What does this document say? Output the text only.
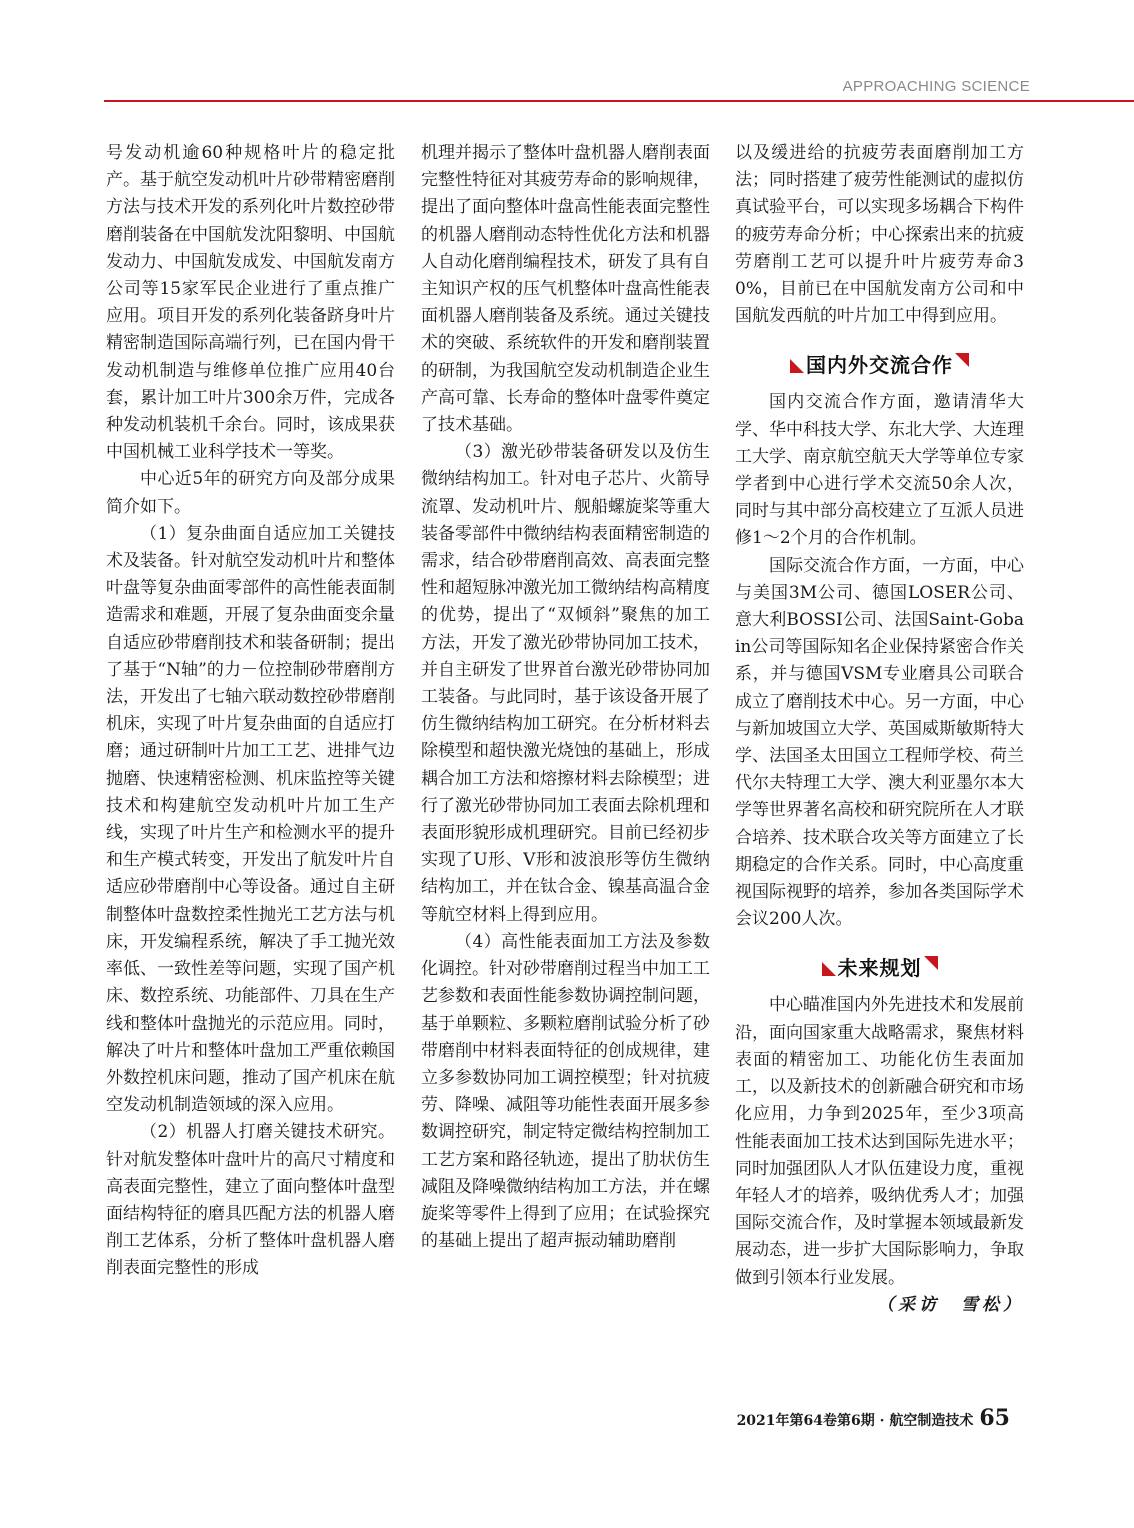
APPROACHING SCIENCE

号发动机逾60种规格叶片的稳定批产。基于航空发动机叶片砂带精密磨削方法与技术开发的系列化叶片数控砂带磨削装备在中国航发沈阳黎明、中国航发动力、中国航发成发、中国航发南方公司等15家军民企业进行了重点推广应用。项目开发的系列化装备跻身叶片精密制造国际高端行列，已在国内骨干发动机制造与维修单位推广应用40台套，累计加工叶片300余万件，完成各种发动机装机千余台。同时，该成果获中国机械工业科学技术一等奖。

中心近5年的研究方向及部分成果简介如下。

（1）复杂曲面自适应加工关键技术及装备。针对航空发动机叶片和整体叶盘等复杂曲面零部件的高性能表面制造需求和难题，开展了复杂曲面变余量自适应砂带磨削技术和装备研制；提出了基于“N轴”的力－位控制砂带磨削方法，开发出了七轴六联动数控砂带磨削机床，实现了叶片复杂曲面的自适应打磨；通过研制叶片加工工艺、进排气边抛磨、快速精密检测、机床监控等关键技术和构建航空发动机叶片加工生产线，实现了叶片生产和检测水平的提升和生产模式转变，开发出了航发叶片自适应砂带磨削中心等设备。通过自主研制整体叶盘数控柔性抛光工艺方法与机床，开发编程系统，解决了手工抛光效率低、一致性差等问题，实现了国产机床、数控系统、功能部件、刀具在生产线和整体叶盘抛光的示范应用。同时，解决了叶片和整体叶盘加工严重依赖国外数控机床问题，推动了国产机床在航空发动机制造领域的深入应用。

（2）机器人打磨关键技术研究。针对航发整体叶盘叶片的高尺寸精度和高表面完整性，建立了面向整体叶盘型面结构特征的磨具匹配方法的机器人磨削工艺体系，分析了整体叶盘机器人磨削表面完整性的形成

机理并揭示了整体叶盘机器人磨削表面完整性特征对其疲劳寿命的影响规律，提出了面向整体叶盘高性能表面完整性的机器人磨削动态特性优化方法和机器人自动化磨削编程技术，研发了具有自主知识产权的压气机整体叶盘高性能表面机器人磨削装备及系统。通过关键技术的突破、系统软件的开发和磨削装置的研制，为我国航空发动机制造企业生产高可靠、长寿命的整体叶盘零件奠定了技术基础。

（3）激光砂带装备研发以及仿生微纳结构加工。针对电子芯片、火箭导流罩、发动机叶片、舰船螺旋桨等重大装备零部件中微纳结构表面精密制造的需求，结合砂带磨削高效、高表面完整性和超短脉冲激光加工微纳结构高精度的优势，提出了“双倾斜”聚焦的加工方法，开发了激光砂带协同加工技术，并自主研发了世界首台激光砂带协同加工装备。与此同时，基于该设备开展了仿生微纳结构加工研究。在分析材料去除模型和超快激光烧蚀的基础上，形成耦合加工方法和熔擦材料去除模型；进行了激光砂带协同加工表面去除机理和表面形貌形成机理研究。目前已经初步实现了U形、V形和波浪形等仿生微纳结构加工，并在钛合金、镍基高温合金等航空材料上得到应用。

（4）高性能表面加工方法及参数化调控。针对砂带磨削过程当中加工工艺参数和表面性能参数协调控制问题，基于单颗粒、多颗粒磨削试验分析了砂带磨削中材料表面特征的创成规律，建立多参数协同加工调控模型；针对抗疲劳、降噪、减阻等功能性表面开展多参数调控研究，制定特定微结构控制加工工艺方案和路径轨迹，提出了肋状仿生减阻及降噪微纳结构加工方法，并在螺旋桨等零件上得到了应用；在试验探究的基础上提出了超声振动辅助磨削

以及缓进给的抗疲劳表面磨削加工方法；同时搭建了疲劳性能测试的虚拟仿真试验平台，可以实现多场耦合下构件的疲劳寿命分析；中心探索出来的抗疲劳磨削工艺可以提升叶片疲劳寿命30%，目前已在中国航发南方公司和中国航发西航的叶片加工中得到应用。

国内外交流合作

国内交流合作方面，邀请清华大学、华中科技大学、东北大学、大连理工大学、南京航空航天大学等单位专家学者到中心进行学术交流50余人次，同时与其中部分高校建立了互派人员进修1～2个月的合作机制。

国际交流合作方面，一方面，中心与美国3M公司、德国LOSER公司、意大利BOSSI公司、法国Saint-Gobain公司等国际知名企业保持紧密合作关系，并与德国VSM专业磨具公司联合成立了磨削技术中心。另一方面，中心与新加坡国立大学、英国威斯敏斯特大学、法国圣太田国立工程师学校、荷兰代尔夫特理工大学、澳大利亚墨尔本大学等世界著名高校和研究院所在人才联合培养、技术联合攻关等方面建立了长期稳定的合作关系。同时，中心高度重视国际视野的培养，参加各类国际学术会议200人次。

未来规划

中心瞄准国内外先进技术和发展前沿，面向国家重大战略需求，聚焦材料表面的精密加工、功能化仿生表面加工，以及新技术的创新融合研究和市场化应用，力争到2025年，至少3项高性能表面加工技术达到国际先进水平；同时加强团队人才队伍建设力度，重视年轻人才的培养，吸纳优秀人才；加强国际交流合作，及时掌握本领域最新发展动态，进一步扩大国际影响力，争取做到引领本行业发展。
（采访　雪松）

2021年第64卷第6期 · 航空制造技术 65
